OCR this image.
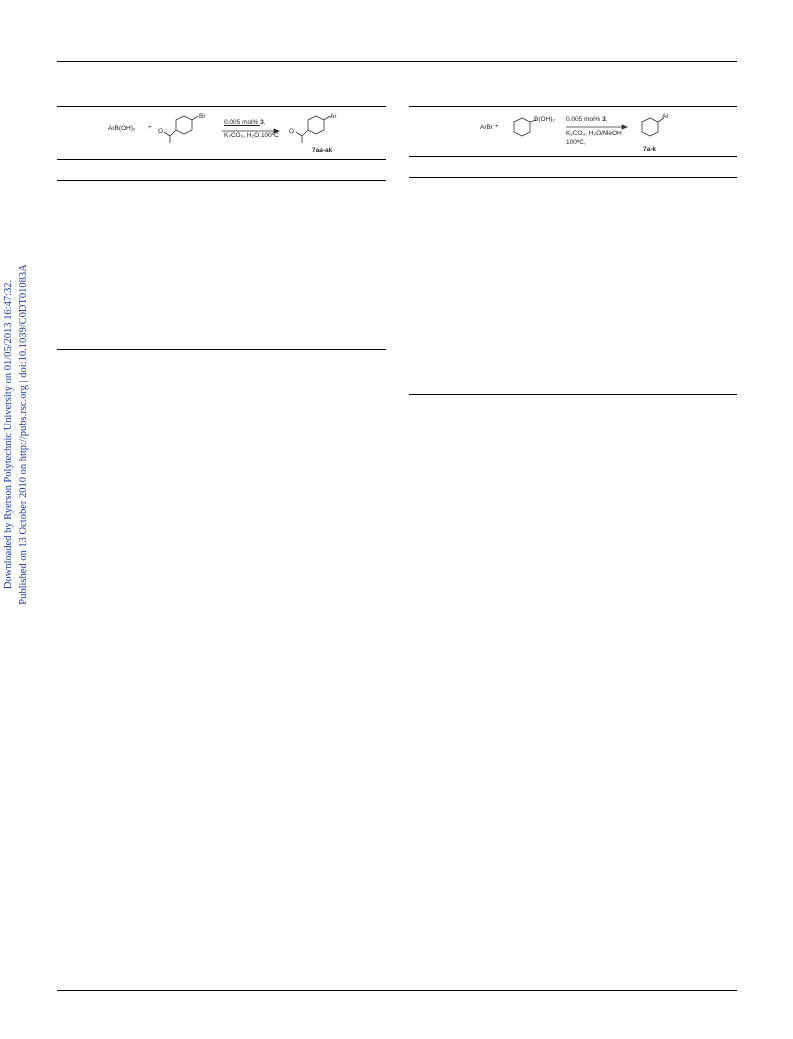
Downloaded by Ryerson Polytechnic University on 01/05/2013 16:47:32. Published on 13 October 2010 on http://pubs.rsc.org | doi:10.1039/C0DT01083A
ArB(OH)₂ +
Br
O
0.005 mol% 3,
K₂CO₃, H₂O,100ºC
Ar
O
7aa-ak
ArBr +
B(OH)₂ 0.005 mol% 3,
K₂CO₃, H₂O/MeOH
100ºC,
Ar
7a-k
